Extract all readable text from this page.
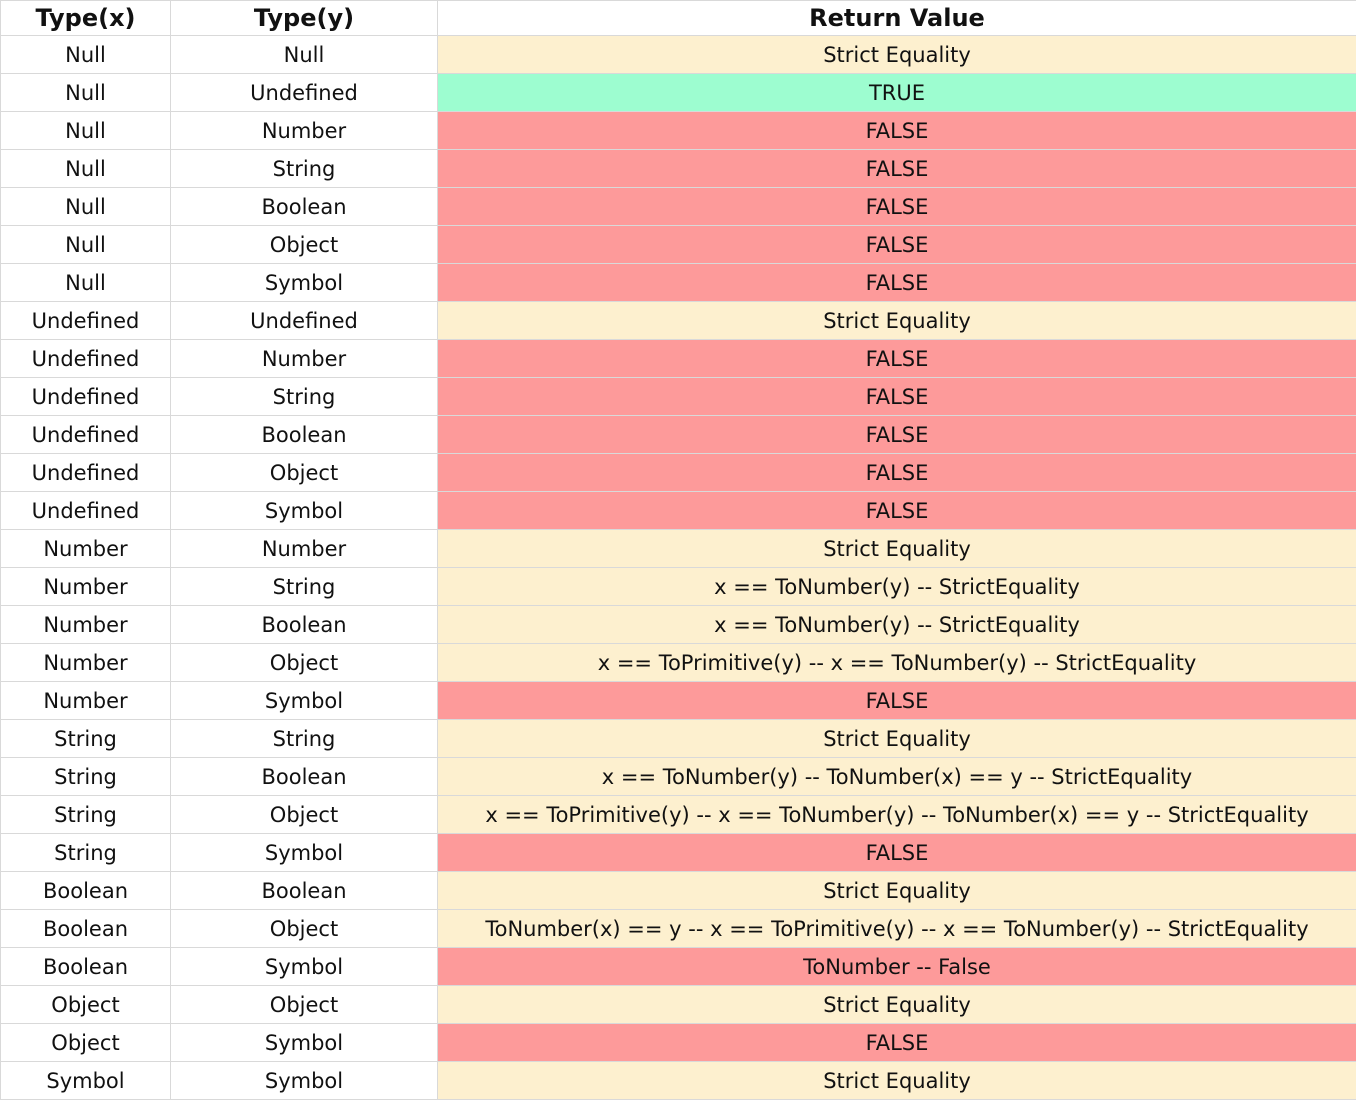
Type(x)	Type(y)	Return Value
Null	Null	Strict Equality
Null	Undefined	TRUE
Null	Number	FALSE
Null	String	FALSE
Null	Boolean	FALSE
Null	Object	FALSE
Null	Symbol	FALSE
Undefined	Undefined	Strict Equality
Undefined	Number	FALSE
Undefined	String	FALSE
Undefined	Boolean	FALSE
Undefined	Object	FALSE
Undefined	Symbol	FALSE
Number	Number	Strict Equality
Number	String	x == ToNumber(y) -- StrictEquality
Number	Boolean	x == ToNumber(y) -- StrictEquality
Number	Object	x == ToPrimitive(y) -- x == ToNumber(y) -- StrictEquality
Number	Symbol	FALSE
String	String	Strict Equality
String	Boolean	x == ToNumber(y) -- ToNumber(x) == y -- StrictEquality
String	Object	x == ToPrimitive(y) -- x == ToNumber(y) -- ToNumber(x) == y -- StrictEquality
String	Symbol	FALSE
Boolean	Boolean	Strict Equality
Boolean	Object	ToNumber(x) == y -- x == ToPrimitive(y) -- x == ToNumber(y) -- StrictEquality
Boolean	Symbol	ToNumber -- False
Object	Object	Strict Equality
Object	Symbol	FALSE
Symbol	Symbol	Strict Equality
